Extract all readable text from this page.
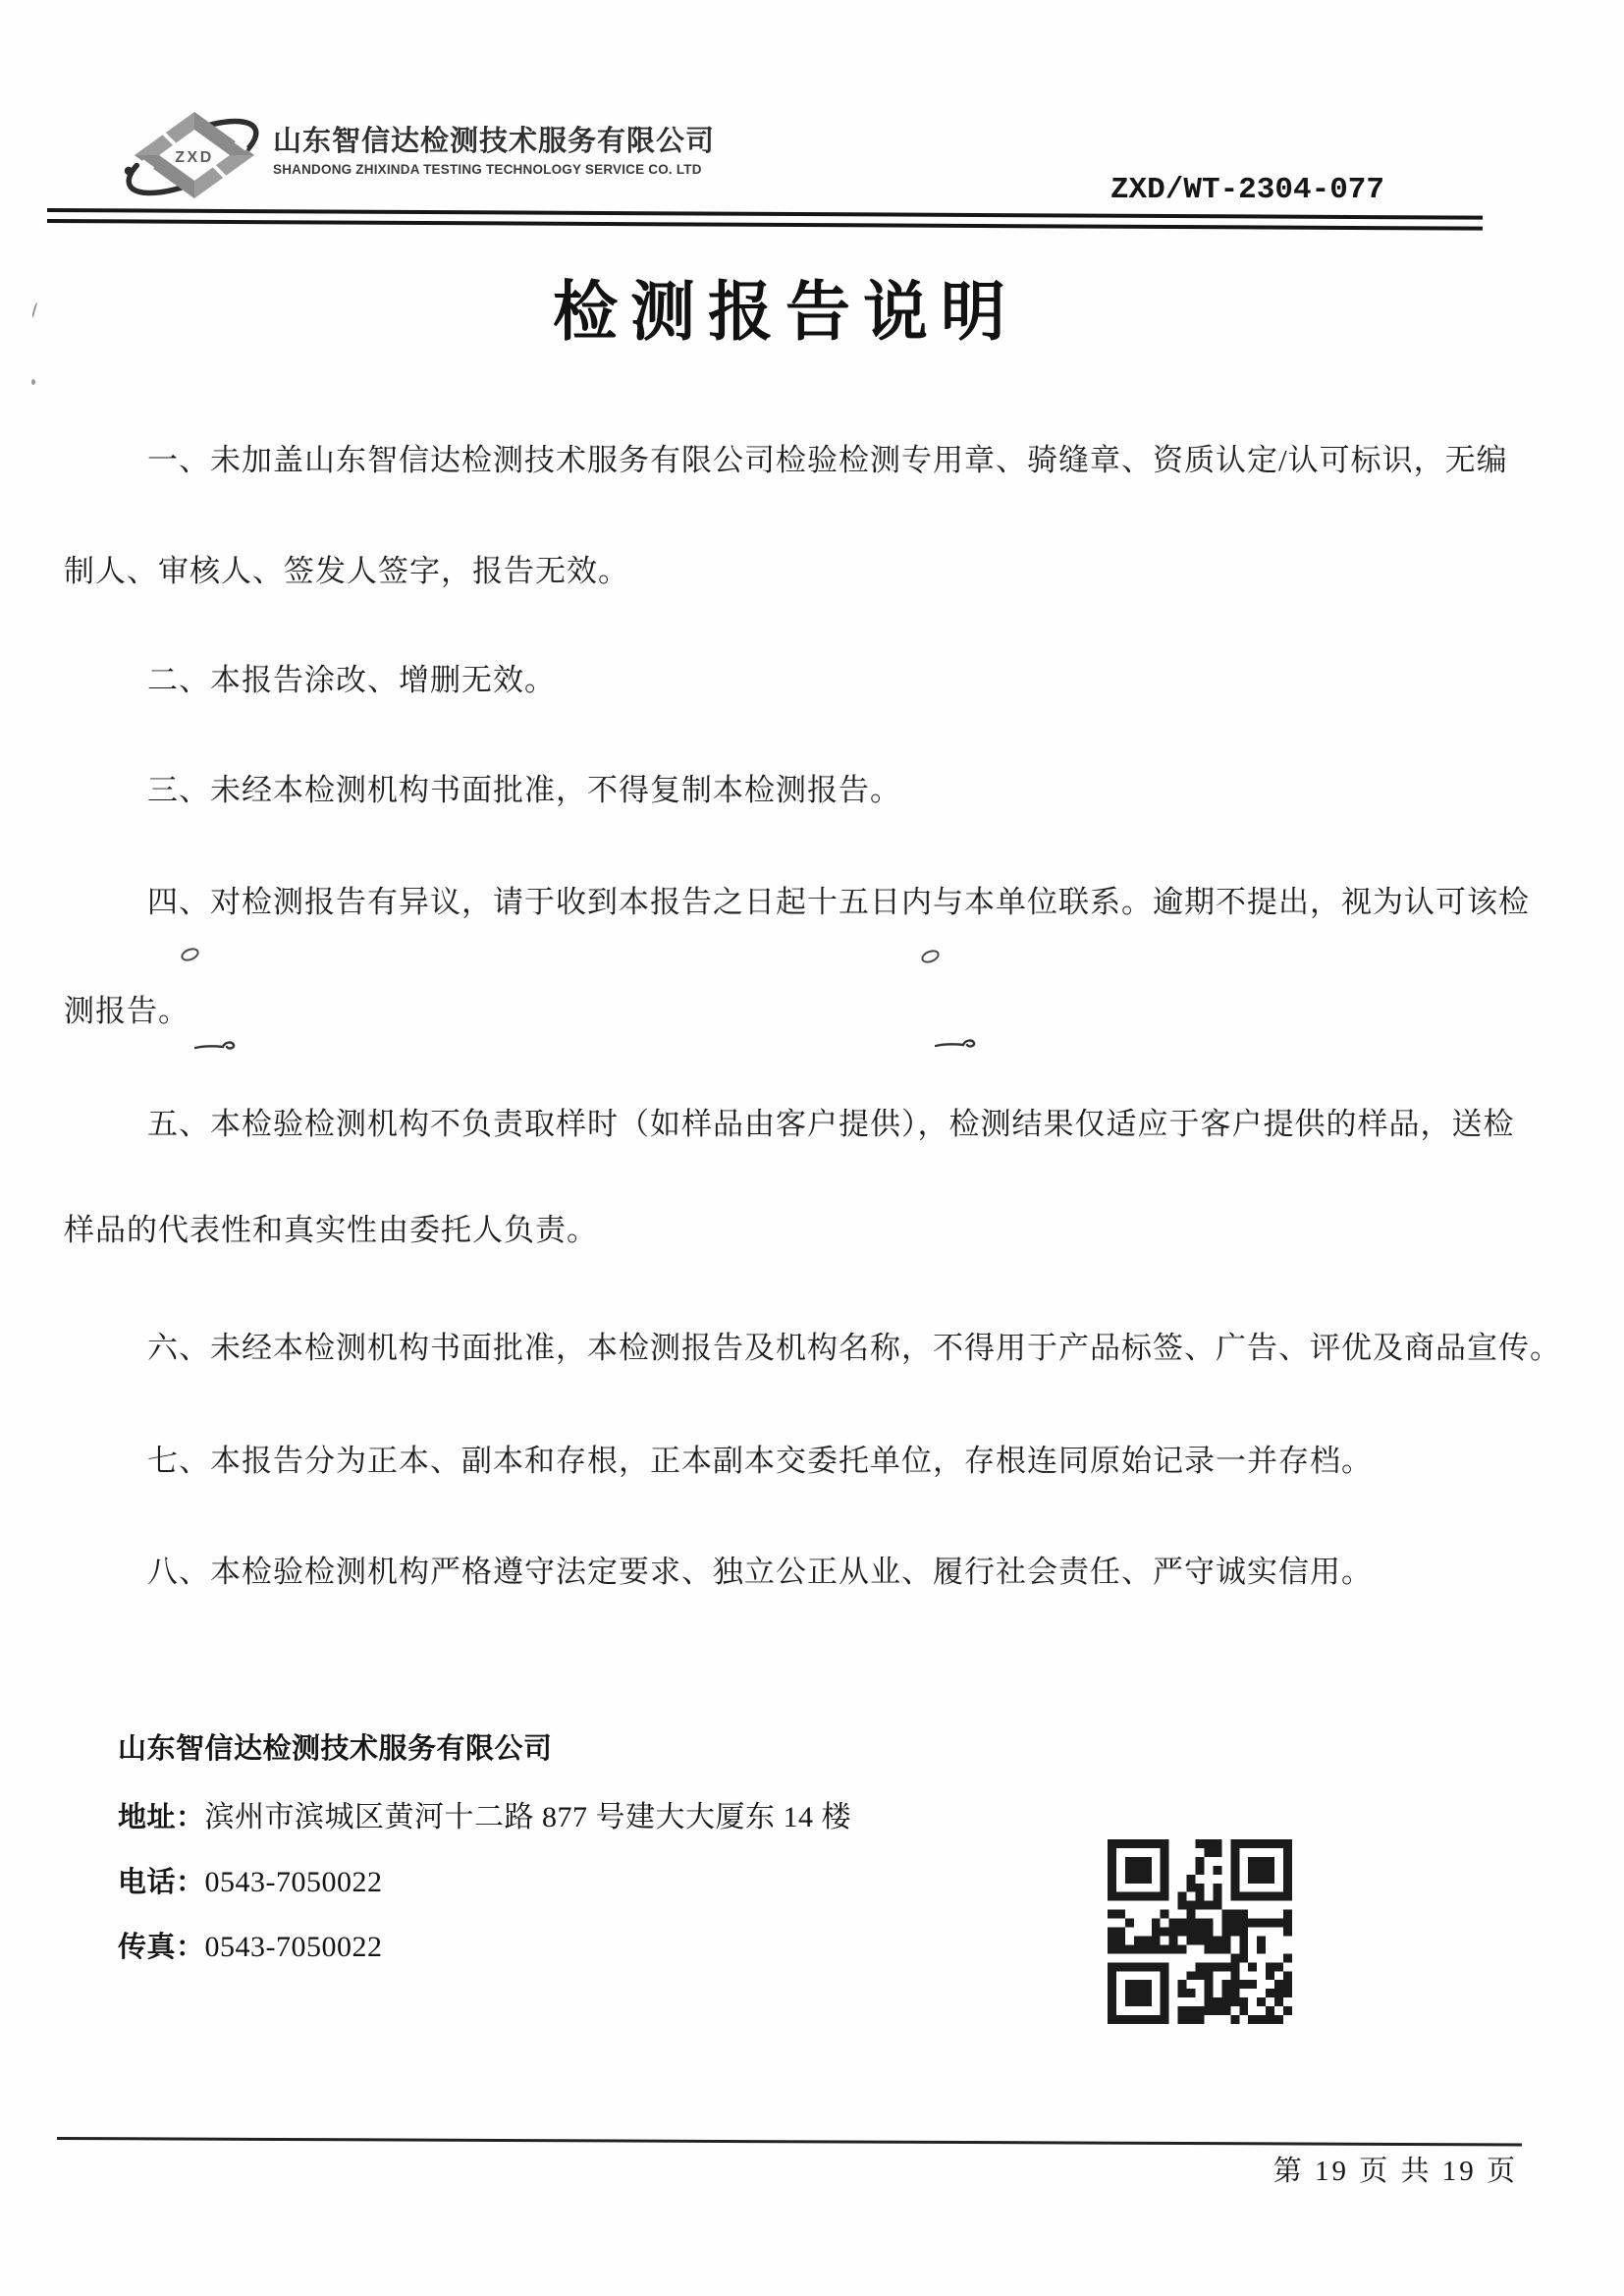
ZXD
山东智信达检测技术服务有限公司
SHANDONG ZHIXINDA TESTING TECHNOLOGY SERVICE CO. LTD
ZXD/WT-2304-077
检测报告说明
一、未加盖山东智信达检测技术服务有限公司检验检测专用章、骑缝章、资质认定/认可标识，无编
制人、审核人、签发人签字，报告无效。
二、本报告涂改、增删无效。
三、未经本检测机构书面批准，不得复制本检测报告。
四、对检测报告有异议，请于收到本报告之日起十五日内与本单位联系。逾期不提出，视为认可该检
测报告。
五、本检验检测机构不负责取样时（如样品由客户提供），检测结果仅适应于客户提供的样品，送检
样品的代表性和真实性由委托人负责。
六、未经本检测机构书面批准，本检测报告及机构名称，不得用于产品标签、广告、评优及商品宣传。
七、本报告分为正本、副本和存根，正本副本交委托单位，存根连同原始记录一并存档。
八、本检验检测机构严格遵守法定要求、独立公正从业、履行社会责任、严守诚实信用。
山东智信达检测技术服务有限公司
地址：滨州市滨城区黄河十二路 877 号建大大厦东 14 楼
电话：0543-7050022
传真：0543-7050022
第 19 页 共 19 页
